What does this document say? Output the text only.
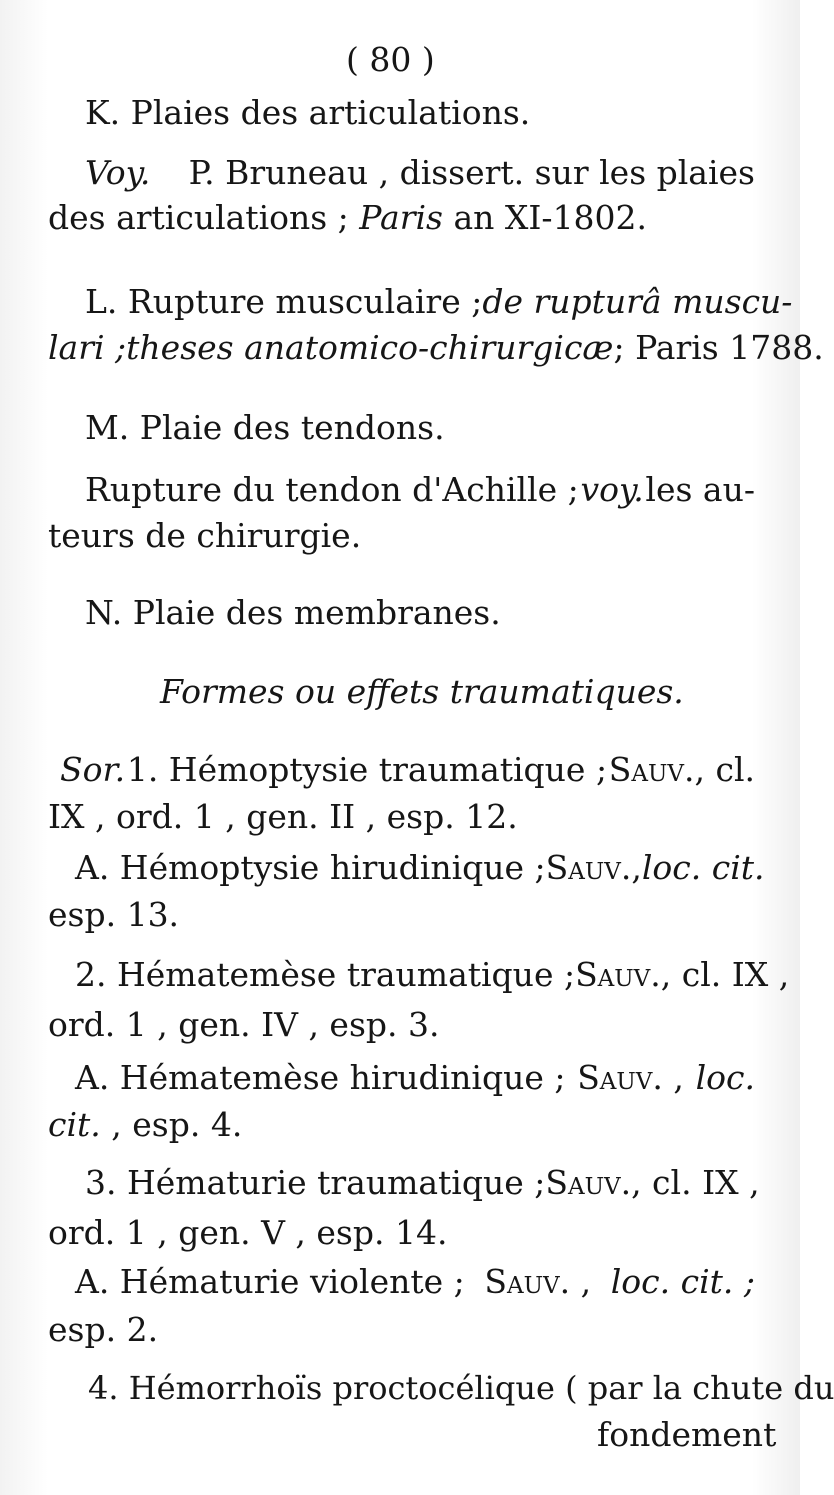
( 80 )
K. Plaies des articulations.
Voy. P. Bruneau , dissert. sur les plaies
des articulations ; Paris an XI-1802.
L. Rupture musculaire ; de rupturâ muscu-
lari ; theses anatomico-chirurgicæ ; Paris 1788.
M. Plaie des tendons.
Rupture du tendon d'Achille ; voy. les au-
teurs de chirurgie.
N. Plaie des membranes.
Formes ou effets traumatiques.
Sor. 1. Hémoptysie traumatique ; Sauv., cl.
IX , ord. 1 , gen. II , esp. 12.
A. Hémoptysie hirudinique ; Sauv., loc. cit.
esp. 13.
2. Hématemèse traumatique ; Sauv., cl. IX ,
ord. 1 , gen. IV , esp. 3.
A. Hématemèse hirudinique ; Sauv. , loc.
cit. , esp. 4.
3. Hématurie traumatique ; Sauv., cl. IX ,
ord. 1 , gen. V , esp. 14.
A. Hématurie violente ; Sauv. , loc. cit. ;
esp. 2.
4. Hémorrhoïs proctocélique ( par la chute du
fondement
